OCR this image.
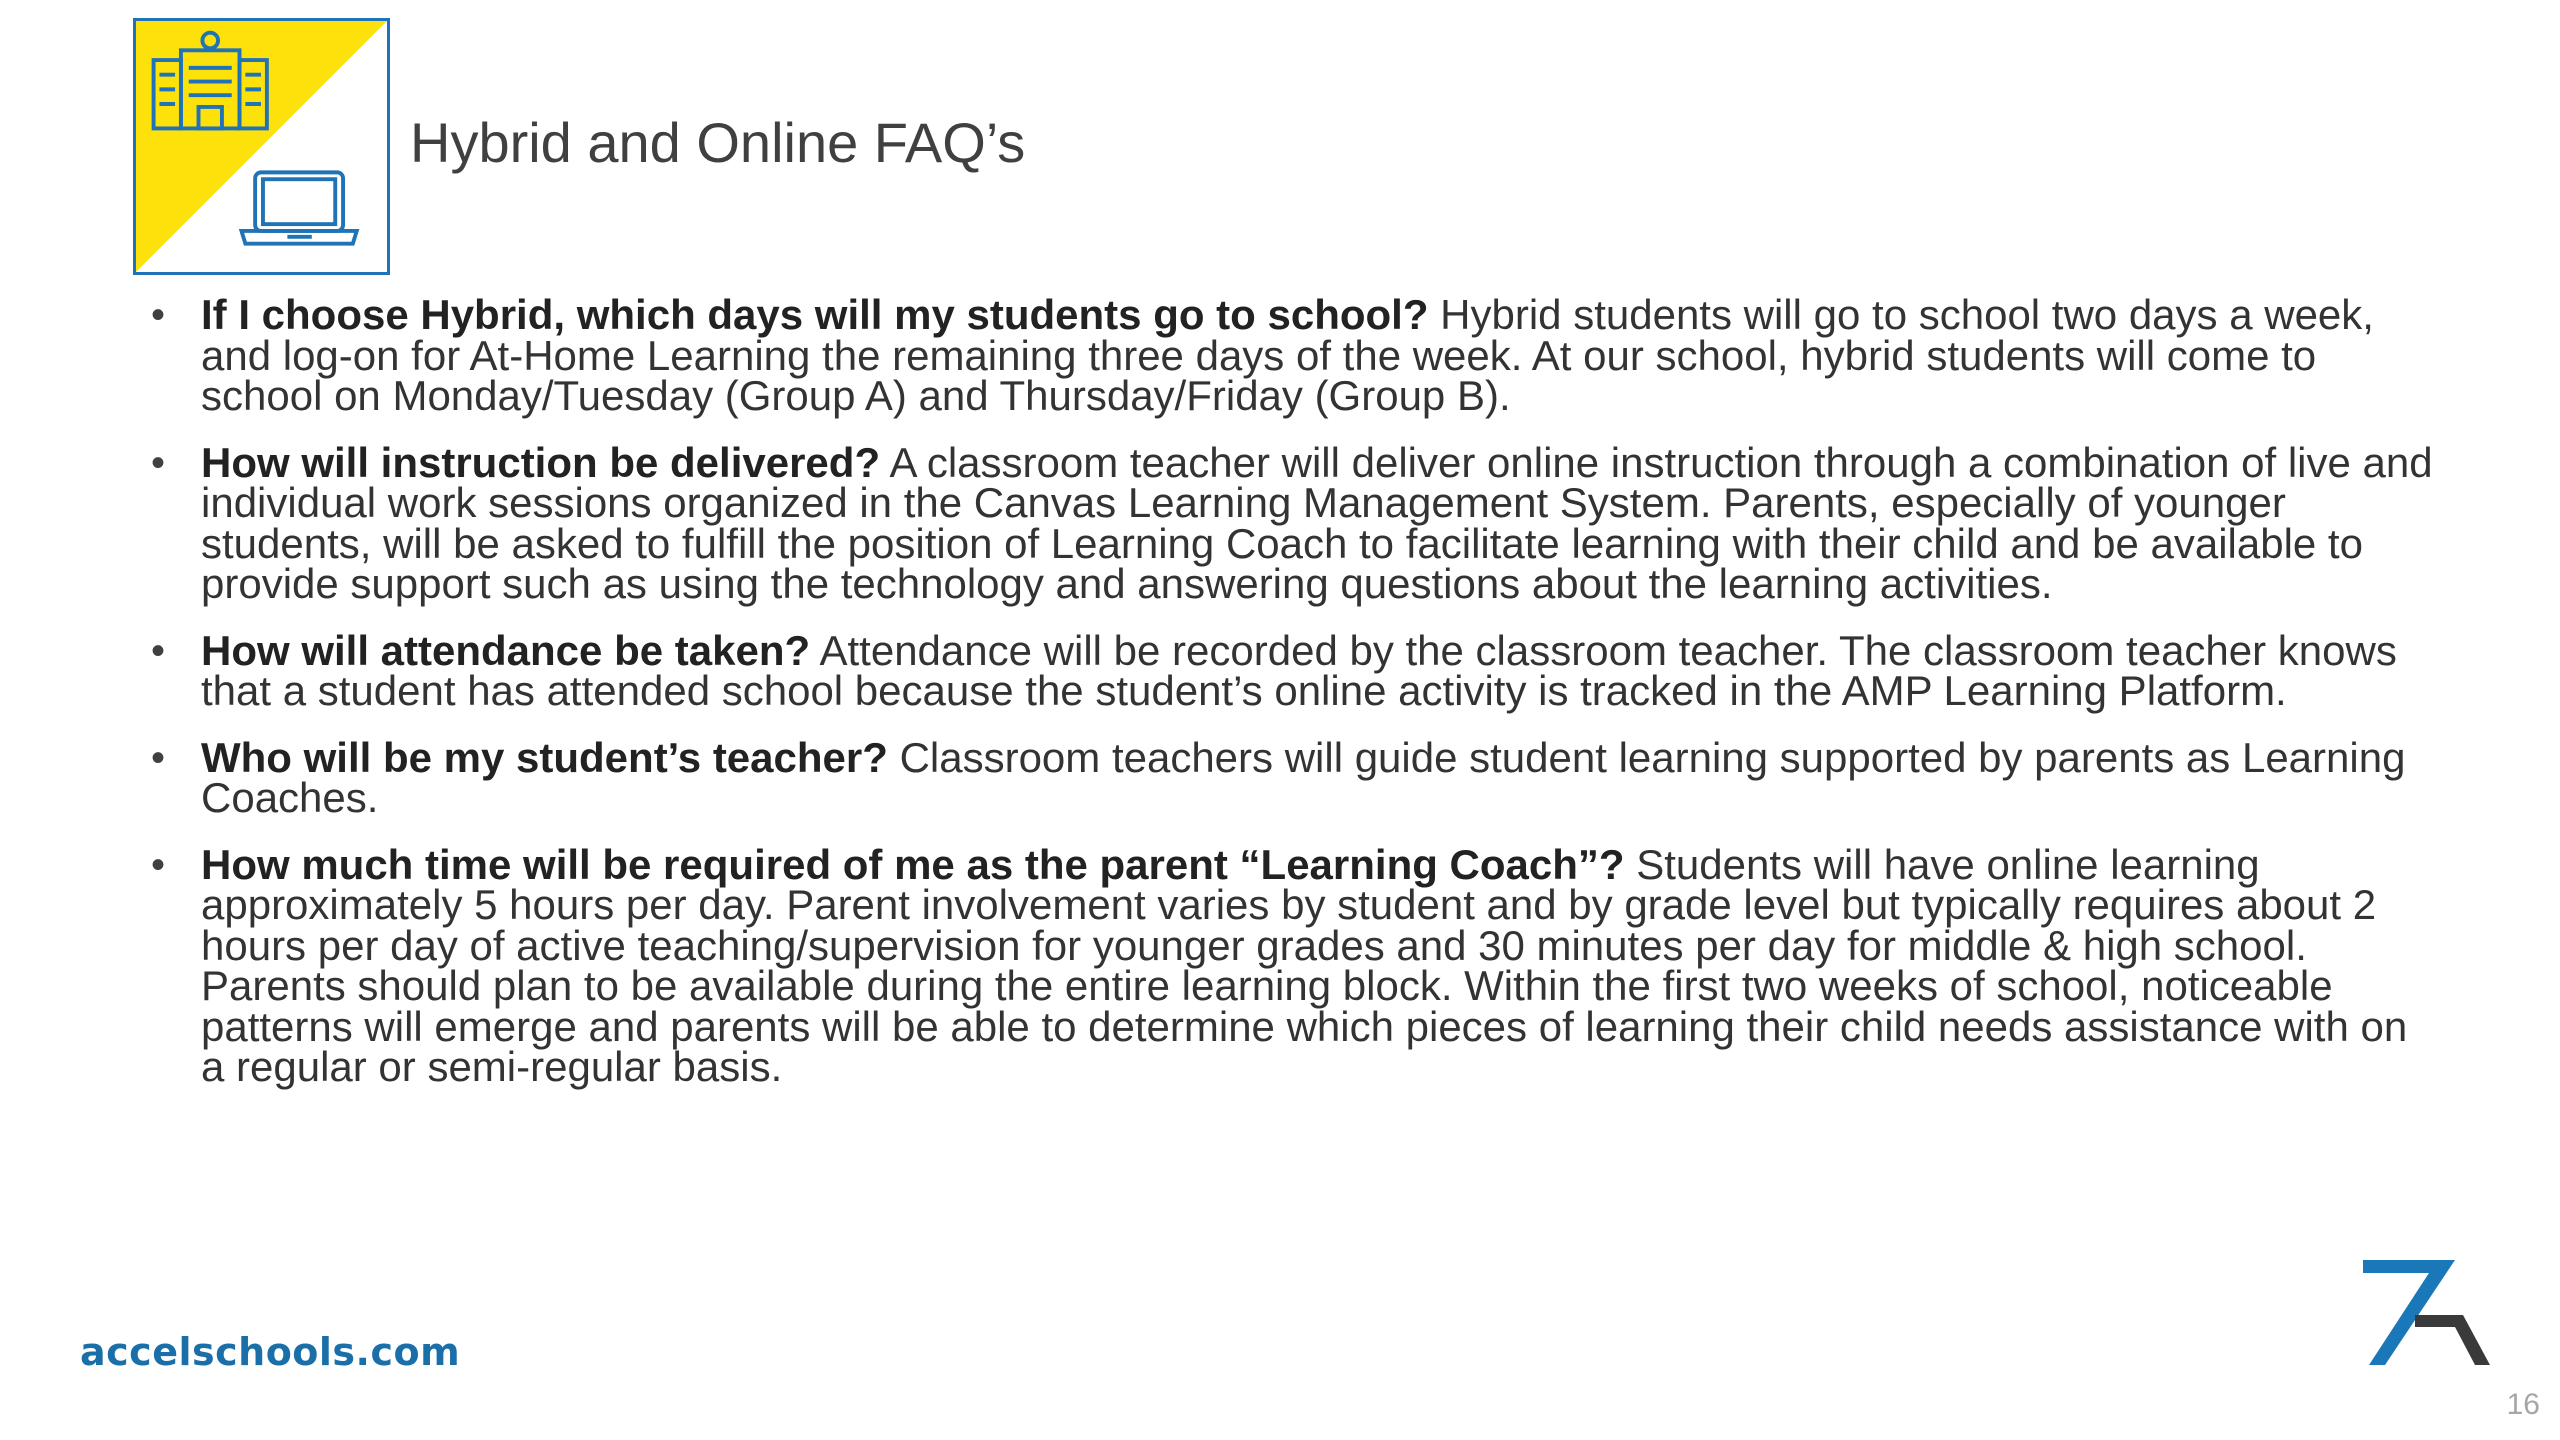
Hybrid and Online FAQ’s
• If I choose Hybrid, which days will my students go to school? Hybrid students will go to school two days a week, and log-on for At-Home Learning the remaining three days of the week. At our school, hybrid students will come to school on Monday/Tuesday (Group A) and Thursday/Friday (Group B).
• How will instruction be delivered? A classroom teacher will deliver online instruction through a combination of live and individual work sessions organized in the Canvas Learning Management System. Parents, especially of younger students, will be asked to fulfill the position of Learning Coach to facilitate learning with their child and be available to provide support such as using the technology and answering questions about the learning activities.
• How will attendance be taken? Attendance will be recorded by the classroom teacher. The classroom teacher knows that a student has attended school because the student’s online activity is tracked in the AMP Learning Platform.
• Who will be my student’s teacher? Classroom teachers will guide student learning supported by parents as Learning Coaches.
• How much time will be required of me as the parent “Learning Coach”? Students will have online learning approximately 5 hours per day. Parent involvement varies by student and by grade level but typically requires about 2 hours per day of active teaching/supervision for younger grades and 30 minutes per day for middle & high school. Parents should plan to be available during the entire learning block. Within the first two weeks of school, noticeable patterns will emerge and parents will be able to determine which pieces of learning their child needs assistance with on a regular or semi-regular basis.
accelschools.com
16
